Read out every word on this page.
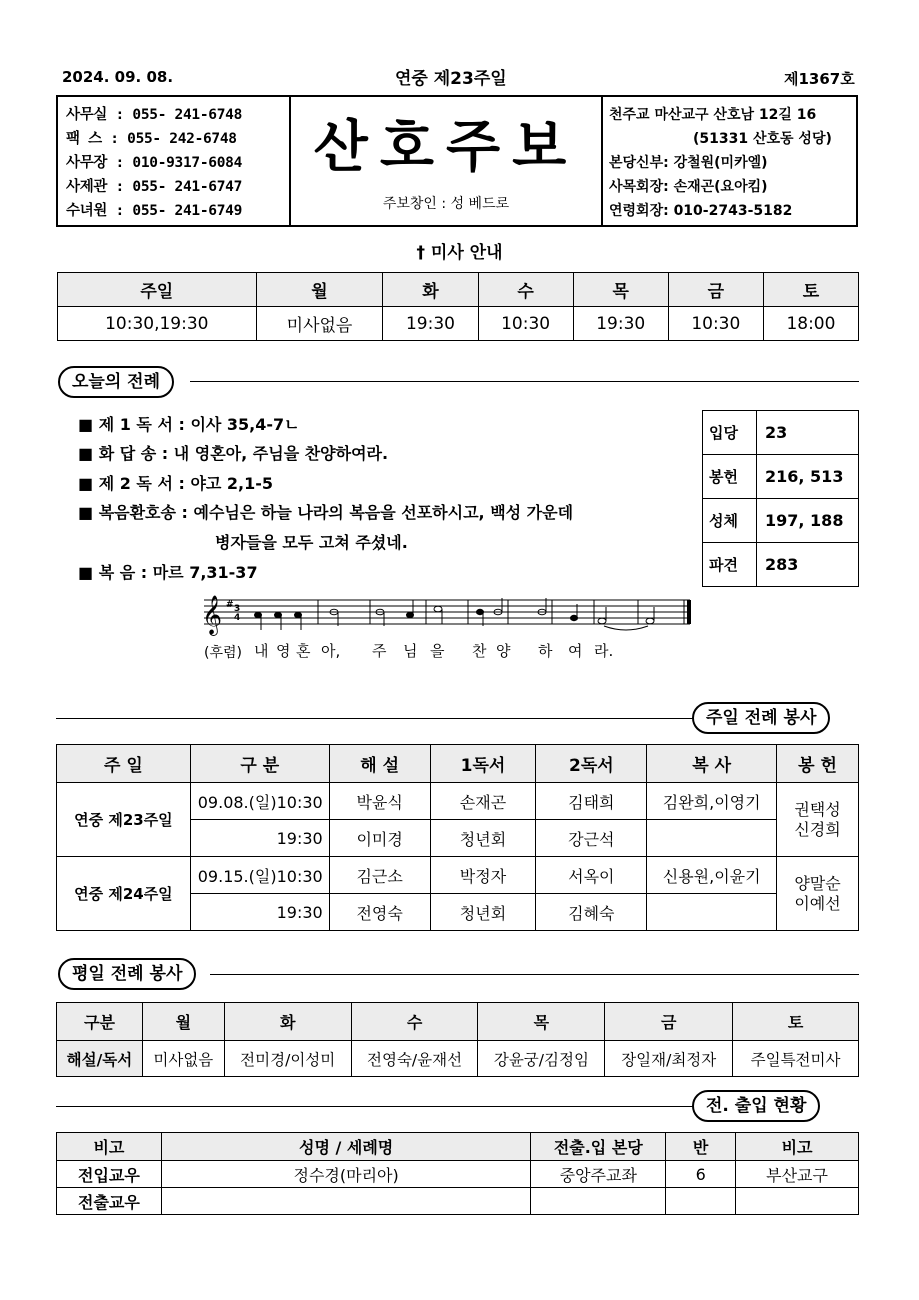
2024. 09. 08.	연중 제23주일	제1367호
사무실 : 055- 241-6748
팩 스 : 055- 242-6748
사무장 : 010-9317-6084
사제관 : 055- 241-6747
수녀원 : 055- 241-6749
산호주보
주보창인 : 성 베드로
천주교 마산교구 산호남 12길 16
(51331 산호동 성당)
본당신부: 강철원(미카엘)
사목회장: 손재곤(요아킴)
연령회장: 010-2743-5182
† 미사 안내
주일	월	화	수	목	금	토
10:30,19:30	미사없음	19:30	10:30	19:30	10:30	18:00
오늘의 전례
■ 제 1 독 서 : 이사 35,4-7ㄴ
■ 화 답 송 : 내 영혼아, 주님을 찬양하여라.
■ 제 2 독 서 : 야고 2,1-5
■ 복음환호송 : 예수님은 하늘 나라의 복음을 선포하시고, 백성 가운데
병자들을 모두 고쳐 주셨네.
■ 복 음 : 마르 7,31-37
입당	23
봉헌	216, 513
성체	197, 188
파견	283
𝄞 # 3
4
(후렴) 내 영 혼 아, 주 님 을 찬 양 하 여 라.
주일 전례 봉사
주 일	구 분	해 설	1독서	2독서	복 사	봉 헌
연중 제23주일	09.08.(일)10:30	박윤식	손재곤	김태희	김완희,이영기	권택성
신경희

	19:30	이미경	청년회	강근석		
연중 제24주일	09.15.(일)10:30	김근소	박정자	서옥이	신용원,이윤기	양말순
이예선

	19:30	전영숙	청년회	김혜숙		
평일 전례 봉사
구분	월	화	수	목	금	토
해설/독서	미사없음	전미경/이성미	전영숙/윤재선	강윤궁/김정임	장일재/최정자	주일특전미사
전. 출입 현황
비고	성명 / 세례명	전출.입 본당	반	비고
전입교우	정수경(마리아)	중앙주교좌	6	부산교구
전출교우				
